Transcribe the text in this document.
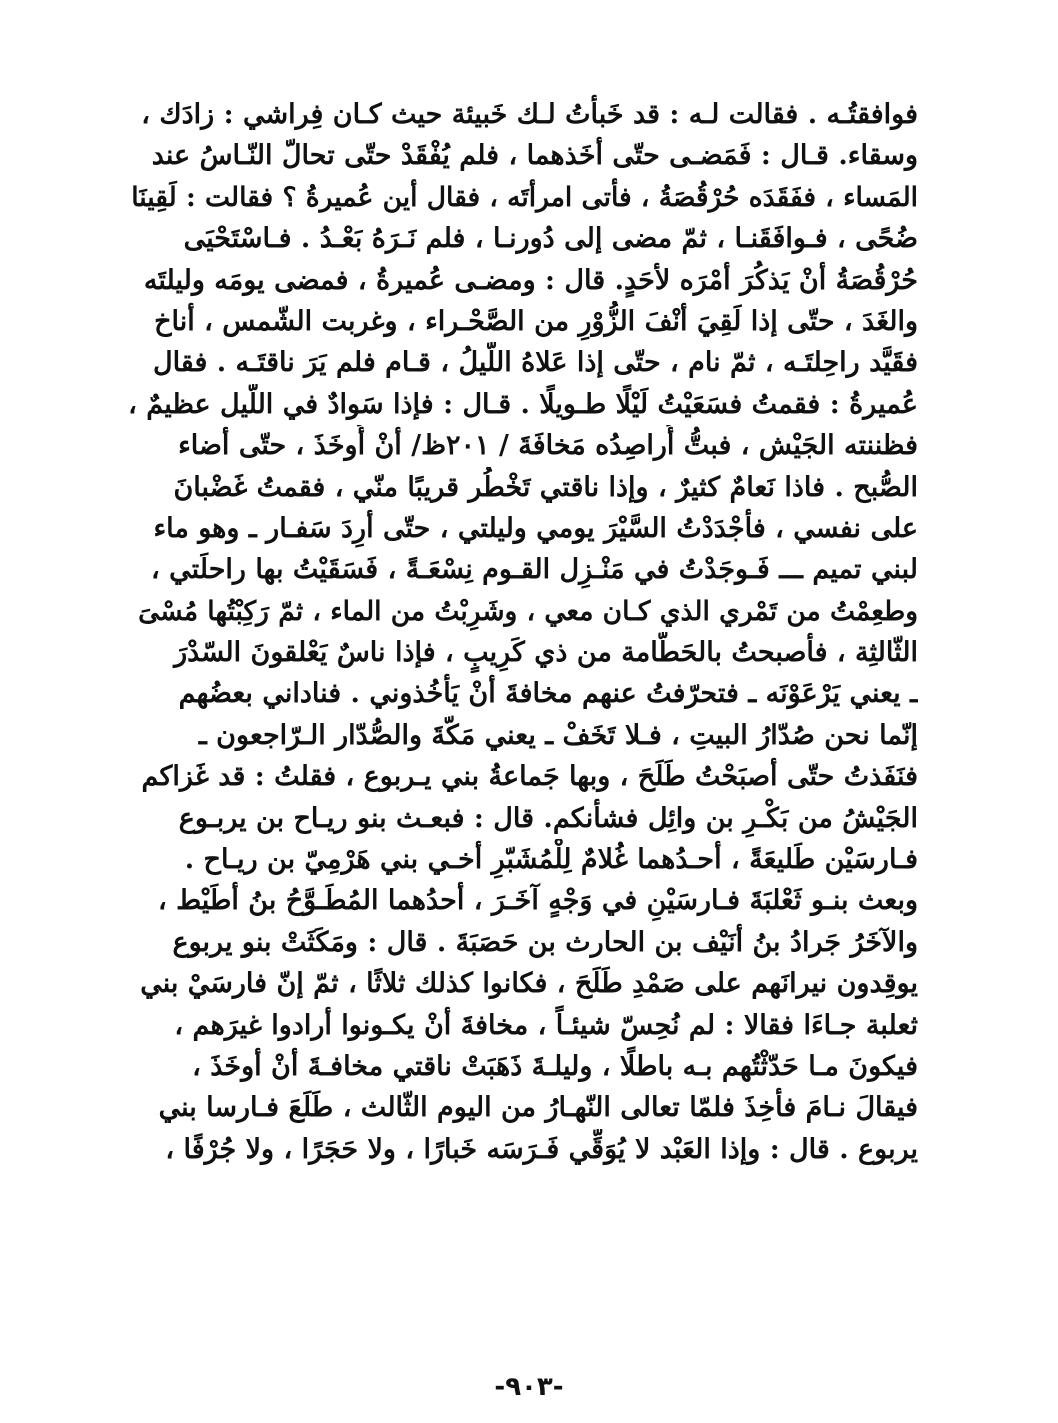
فوافقتُـه . فقالت لـه : قد خَبأتُ لـك خَبيئة حيث كـان فِراشي : زادَك ،
وسقاء. قـال : فَمَضـى حتّى أخَذهما ، فلم يُفْقَدْ حتّى تحالّ النّـاسُ عند
المَساء ، ففَقَدَه حُرْقُصَةُ ، فأتى امرأتَه ، فقال أين عُميرةُ ؟ فقالت : لَقِينَا
ضُحًى ، فـوافَقَنـا ، ثمّ مضى إلى دُورنـا ، فلم نَـرَهُ بَعْـدُ . فـاسْتَحْيَى
حُرْقُصَةُ أنْ يَذكُرَ أمْرَه لأحَدٍ. قال : ومضـى عُميرةُ ، فمضى يومَه وليلتَه
والغَدَ ، حتّى إذا لَقِيَ أنْفَ الزُّوْرِ من الصَّحْـراء ، وغربت الشّمس ، أناخ
فقَيَّد راحِلتَـه ، ثمّ نام ، حتّى إذا عَلاهُ اللّيلُ ، قـام فلم يَرَ ناقتَـه . فقال
عُميرةُ : فقمتُ فسَعَيْتُ لَيْلًا طـويلًا . قـال : فإذا سَوادٌ في اللّيل عظيمٌ ،
فظننته الجَيْش ، فبتُّ أُراصِدُه مَخافَةَ / ٢٠١ظ/ أنْ أُوخَذَ ، حتّى أضاء
الصُّبح . فاذا نَعامٌ كثيرٌ ، وإذا ناقتي تَخْطُر قريبًا منّي ، فقمتُ غَضْبانَ
على نفسي ، فأجْدَدْتُ السَّيْرَ يومي وليلتي ، حتّى أرِدَ سَفـار ـ وهو ماء
لبني تميم ـــ فَـوجَدْتُ في مَنْـزِل القـوم نِسْعَـةً ، فَسَقَيْتُ بها راحلَتي ،
وطعِمْتُ من تَمْري الذي كـان معي ، وشَرِبْتُ من الماء ، ثمّ رَكِبْتُها مُسْىَ
الثّالثِة ، فأصبحتُ بالحَطّامة من ذي كَرِيبٍ ، فإذا ناسٌ يَعْلقونَ السّدْرَ
ـ يعني يَرْعَوْنَه ـ فتحرّفتُ عنهم مخافةَ أنْ يَأخُذوني . فناداني بعضُهم
إنّما نحن صُدّارُ البيتِ ، فـلا تَخَفْ ـ يعني مَكّةَ والصُّدّار الـرّاجعون ـ
فنَفَذتُ حتّى أصبَحْتُ طَلَحَ ، وبها جَماعةُ بني يـربوع ، فقلتُ : قد غَزاكم
الجَيْشُ من بَكْـرِ بن وائِل فشأنكم. قال : فبعـث بنو ريـاح بن يربـوع
فـارسَيْن طَليعَةً ، أحـدُهما غُلامٌ لِلْمُشَبّرِ أخـي بني هَرْمِيّ بن ريـاح .
وبعث بنـو ثَعْلبَةَ فـارسَيْنِ في وَجْهٍ آخَـرَ ، أحدُهما المُطَـوَّحُ بنُ أطَيْط ،
والآخَرُ جَرادُ بنُ أنَيْف بن الحارث بن حَصَبَةَ . قال : ومَكَثَتْ بنو يربوع
يوقِدون نيرانَهم على صَمْدِ طَلَحَ ، فكانوا كذلك ثلاثًا ، ثمّ إنّ فارسَيْ بني
ثعلبة جـاءَا فقالا : لم نُحِسّ شيئـاً ، مخافةَ أنْ يكـونوا أرادوا غيرَهم ،
فيكونَ مـا حَدّثْتُهم بـه باطلًا ، وليلـةَ ذَهَبَتْ ناقتي مخافـةَ أنْ أوخَذَ ،
فيقالَ نـامَ فأخِذَ فلمّا تعالى النّهـارُ من اليوم الثّالث ، طَلَعَ فـارسا بني
يربوع . قال : وإذا العَبْد لا يُوَقِّي فَـرَسَه خَبارًا ، ولا حَجَرًا ، ولا جُرْفًا ،
-٩٠٣-
